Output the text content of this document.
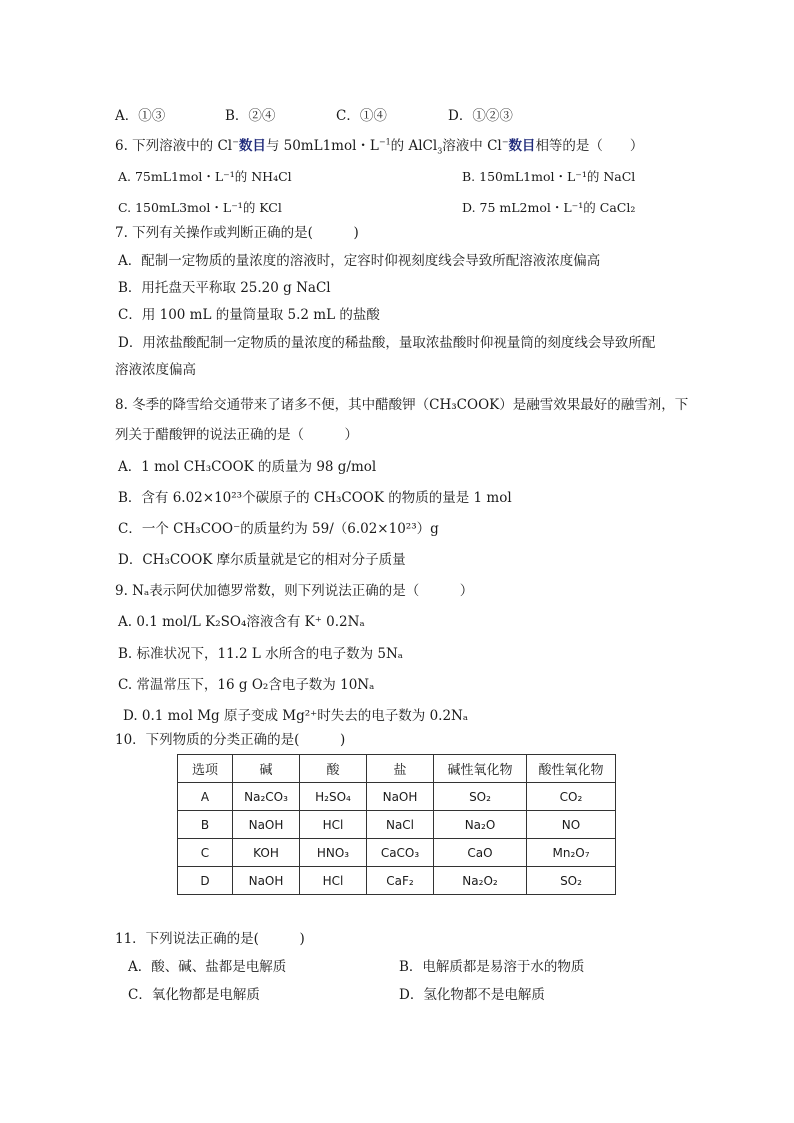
A．①③	B．②④	C．①④	D．①②③
6. 下列溶液中的 Cl−数目与 50mL1mol・$L^{-1}$的 AlCl$_3$溶液中 Cl−数目相等的是（　　）
A. 75mL1mol・L⁻¹的 NH₄Cl	B. 150mL1mol・L⁻¹的 NaCl
C. 150mL3mol・L⁻¹的 KCl	D. 75 mL2mol・L⁻¹的 CaCl₂
7. 下列有关操作或判断正确的是(　　　)
A．配制一定物质的量浓度的溶液时，定容时仰视刻度线会导致所配溶液浓度偏高
B．用托盘天平称取 25.20 g NaCl
C．用 100 mL 的量筒量取 5.2 mL 的盐酸
D．用浓盐酸配制一定物质的量浓度的稀盐酸，量取浓盐酸时仰视量筒的刻度线会导致所配
溶液浓度偏高
8. 冬季的降雪给交通带来了诸多不便，其中醋酸钾（CH₃COOK）是融雪效果最好的融雪剂，下
列关于醋酸钾的说法正确的是（　　　）
A．1 mol CH₃COOK 的质量为 98 g/mol
B．含有 6.02×10²³个碳原子的 CH₃COOK 的物质的量是 1 mol
C．一个 CH₃COO⁻的质量约为 59/（6.02×10²³）g
D．CH₃COOK 摩尔质量就是它的相对分子质量
9. Nₐ表示阿伏加德罗常数，则下列说法正确的是（　　　）
A. 0.1 mol/L K₂SO₄溶液含有 K⁺ 0.2Nₐ
B. 标准状况下，11.2 L 水所含的电子数为 5Nₐ
C. 常温常压下，16 g O₂含电子数为 10Nₐ
D. 0.1 mol Mg 原子变成 Mg²⁺时失去的电子数为 0.2Nₐ
10．下列物质的分类正确的是(　　　)
选项	碱	酸	盐	碱性氧化物	酸性氧化物
A	Na₂CO₃	H₂SO₄	NaOH	SO₂	CO₂
B	NaOH	HCl	NaCl	Na₂O	NO
C	KOH	HNO₃	CaCO₃	CaO	Mn₂O₇
D	NaOH	HCl	CaF₂	Na₂O₂	SO₂
11．下列说法正确的是(　　　)
A．酸、碱、盐都是电解质	B．电解质都是易溶于水的物质
C．氧化物都是电解质	D．氢化物都不是电解质
